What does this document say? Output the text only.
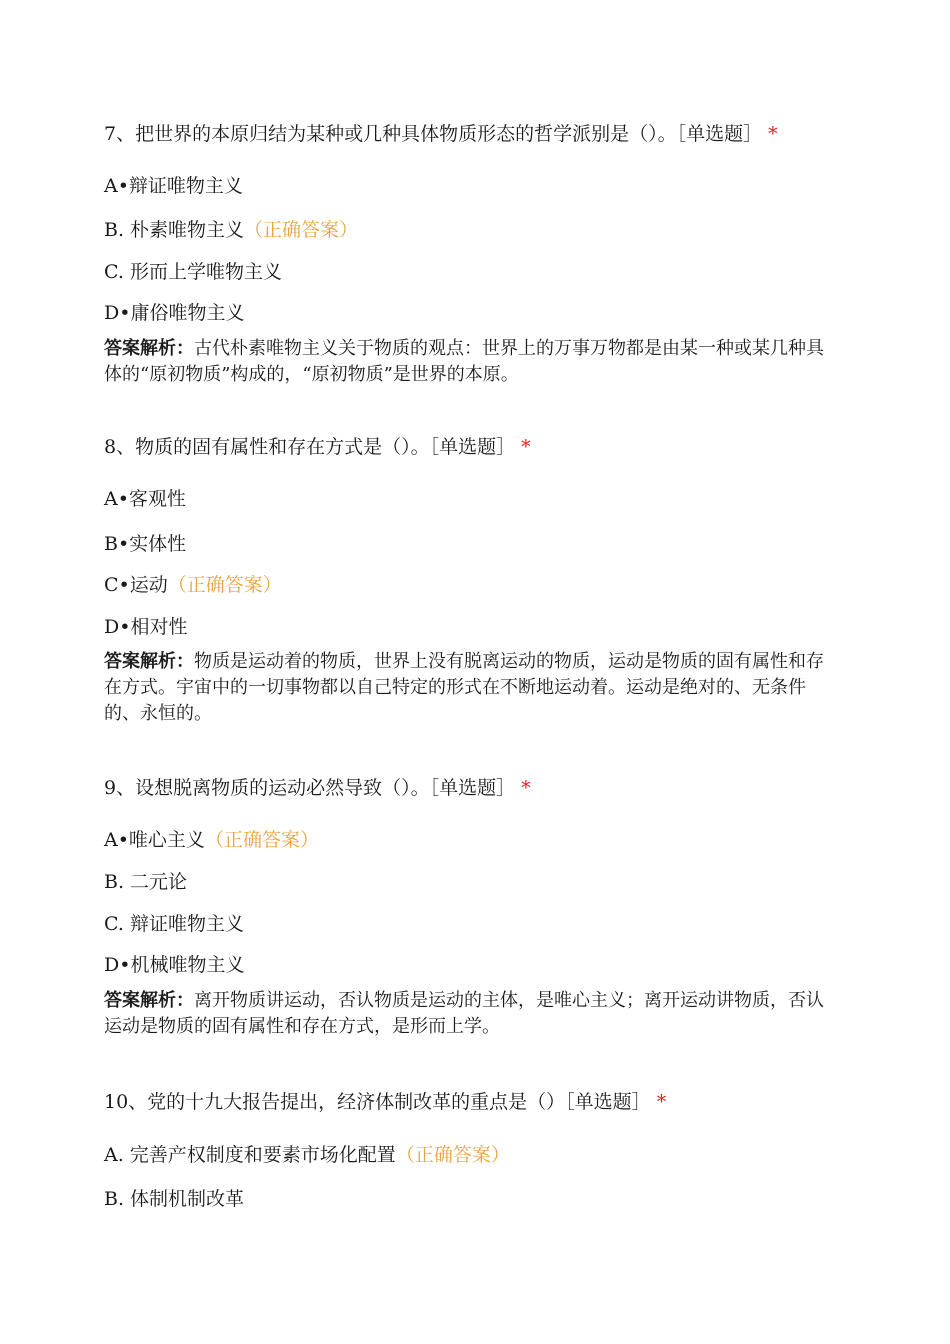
7、把世界的本原归结为某种或几种具体物质形态的哲学派别是（）。［单选题］ *
A•辩证唯物主义
B. 朴素唯物主义（正确答案）
C. 形而上学唯物主义
D•庸俗唯物主义
答案解析：古代朴素唯物主义关于物质的观点：世界上的万事万物都是由某一种或某几种具体的“原初物质”构成的，“原初物质”是世界的本原。
8、物质的固有属性和存在方式是（）。［单选题］ *
A•客观性
B•实体性
C•运动（正确答案）
D•相对性
答案解析：物质是运动着的物质，世界上没有脱离运动的物质，运动是物质的固有属性和存在方式。宇宙中的一切事物都以自己特定的形式在不断地运动着。运动是绝对的、无条件的、永恒的。
9、设想脱离物质的运动必然导致（）。［单选题］ *
A•唯心主义（正确答案）
B. 二元论
C. 辩证唯物主义
D•机械唯物主义
答案解析：离开物质讲运动，否认物质是运动的主体，是唯心主义；离开运动讲物质，否认运动是物质的固有属性和存在方式，是形而上学。
10、党的十九大报告提出，经济体制改革的重点是（）［单选题］ *
A. 完善产权制度和要素市场化配置（正确答案）
B. 体制机制改革
